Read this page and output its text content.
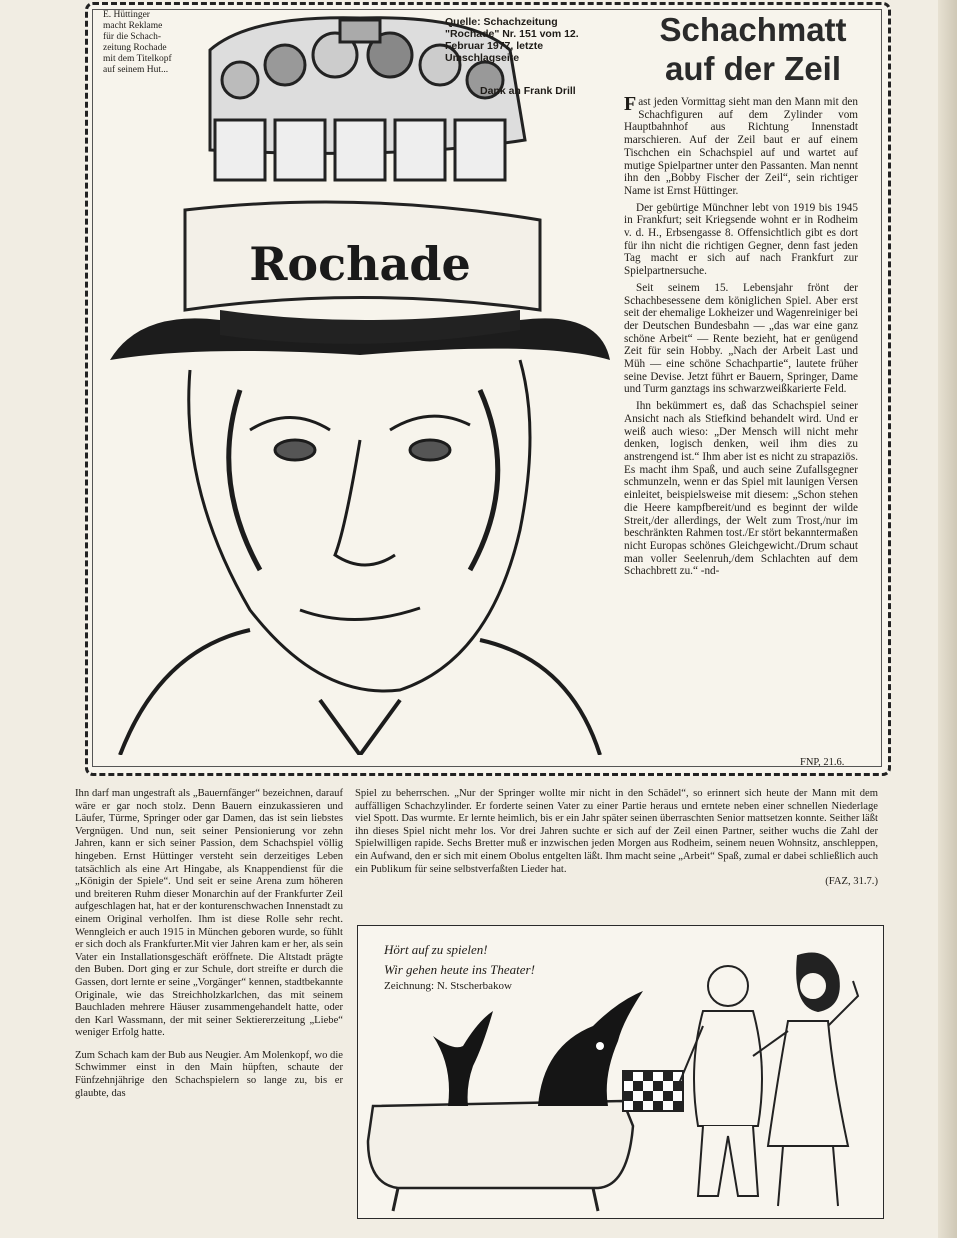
Rochade
E. Hüttinger
macht Reklame
für die Schach-
zeitung Rochade
mit dem Titelkopf
auf seinem Hut...
Quelle: Schachzeitung
"Rochade" Nr. 151 vom 12.
Februar 1977, letzte
Umschlagseite
Dank an Frank Drill
Schachmatt
auf der Zeil

Fast jeden Vormittag sieht man den Mann mit den Schachfiguren auf dem Zylinder vom Hauptbahnhof aus Richtung Innenstadt marschieren. Auf der Zeil baut er auf einem Tischchen ein Schachspiel auf und wartet auf mutige Spielpartner unter den Passanten. Man nennt ihn den „Bobby Fischer der Zeil“, sein richtiger Name ist Ernst Hüttinger.

Der gebürtige Münchner lebt von 1919 bis 1945 in Frankfurt; seit Kriegsende wohnt er in Rodheim v. d. H., Erbsengasse 8. Offensichtlich gibt es dort für ihn nicht die richtigen Gegner, denn fast jeden Tag macht er sich auf nach Frankfurt zur Spielpartnersuche.

Seit seinem 15. Lebensjahr frönt der Schachbesessene dem königlichen Spiel. Aber erst seit der ehemalige Lokheizer und Wagenreiniger bei der Deutschen Bundesbahn — „das war eine ganz schöne Arbeit“ — Rente bezieht, hat er genügend Zeit für sein Hobby. „Nach der Arbeit Last und Müh — eine schöne Schachpartie“, lautete früher seine Devise. Jetzt führt er Bauern, Springer, Dame und Turm ganztags ins schwarzweißkarierte Feld.

Ihn bekümmert es, daß das Schachspiel seiner Ansicht nach als Stiefkind behandelt wird. Und er weiß auch wieso: „Der Mensch will nicht mehr denken, logisch denken, weil ihm dies zu anstrengend ist.“ Ihm aber ist es nicht zu strapaziös. Es macht ihm Spaß, und auch seine Zufallsgegner schmunzeln, wenn er das Spiel mit launigen Versen einleitet, beispielsweise mit diesem: „Schon stehen die Heere kampfbereit/und es beginnt der wilde Streit,/der allerdings, der Welt zum Trost,/nur im beschränkten Rahmen tost./Er stört bekanntermaßen nicht Europas schönes Gleichgewicht./Drum schaut man voller Seelenruh,/dem Schlachten auf dem Schachbrett zu.“ -nd-

FNP, 21.6.

Ihn darf man ungestraft als „Bauernfänger“ bezeichnen, darauf wäre er gar noch stolz. Denn Bauern einzukassieren und Läufer, Türme, Springer oder gar Damen, das ist sein liebstes Vergnügen. Und nun, seit seiner Pensionierung vor zehn Jahren, kann er sich seiner Passion, dem Schachspiel völlig hingeben. Ernst Hüttinger versteht sein derzeitiges Leben tatsächlich als eine Art Hingabe, als Knappendienst für die „Königin der Spiele“. Und seit er seine Arena zum höheren und breiteren Ruhm dieser Monarchin auf der Frankfurter Zeil aufgeschlagen hat, hat er der konturenschwachen Innenstadt zu einem Original verholfen. Ihm ist diese Rolle sehr recht. Wenngleich er auch 1915 in München geboren wurde, so fühlt er sich doch als Frankfurter.Mit vier Jahren kam er her, als sein Vater ein Installationsgeschäft eröffnete. Die Altstadt prägte den Buben. Dort ging er zur Schule, dort streifte er durch die Gassen, dort lernte er seine „Vorgänger“ kennen, stadtbekannte Originale, wie das Streichholzkarlchen, das mit seinem Bauchladen mehrere Häuser zusammengehandelt hatte, oder den Karl Wassmann, der mit seiner Sektiererzeitung „Liebe“ weniger Erfolg hatte.

Zum Schach kam der Bub aus Neugier. Am Molenkopf, wo die Schwimmer einst in den Main hüpften, schaute der Fünfzehnjährige den Schachspielern so lange zu, bis er glaubte, das

Spiel zu beherrschen. „Nur der Springer wollte mir nicht in den Schädel“, so erinnert sich heute der Mann mit dem auffälligen Schachzylinder. Er forderte seinen Vater zu einer Partie heraus und erntete neben einer schnellen Niederlage viel Spott. Das wurmte. Er lernte heimlich, bis er ein Jahr später seinen überraschten Senior mattsetzen konnte. Seither läßt ihn dieses Spiel nicht mehr los. Vor drei Jahren suchte er sich auf der Zeil einen Partner, seither wuchs die Zahl der Spielwilligen rapide. Sechs Bretter muß er inzwischen jeden Morgen aus Rodheim, seinem neuen Wohnsitz, anschleppen, ein Aufwand, den er sich mit einem Obolus entgelten läßt. Ihm macht seine „Arbeit“ Spaß, zumal er dabei schließlich auch ein Publikum für seine selbstverfaßten Lieder hat.
(FAZ, 31.7.)
Hört auf zu spielen!
Wir gehen heute ins Theater!
Zeichnung: N. Stscherbakow
